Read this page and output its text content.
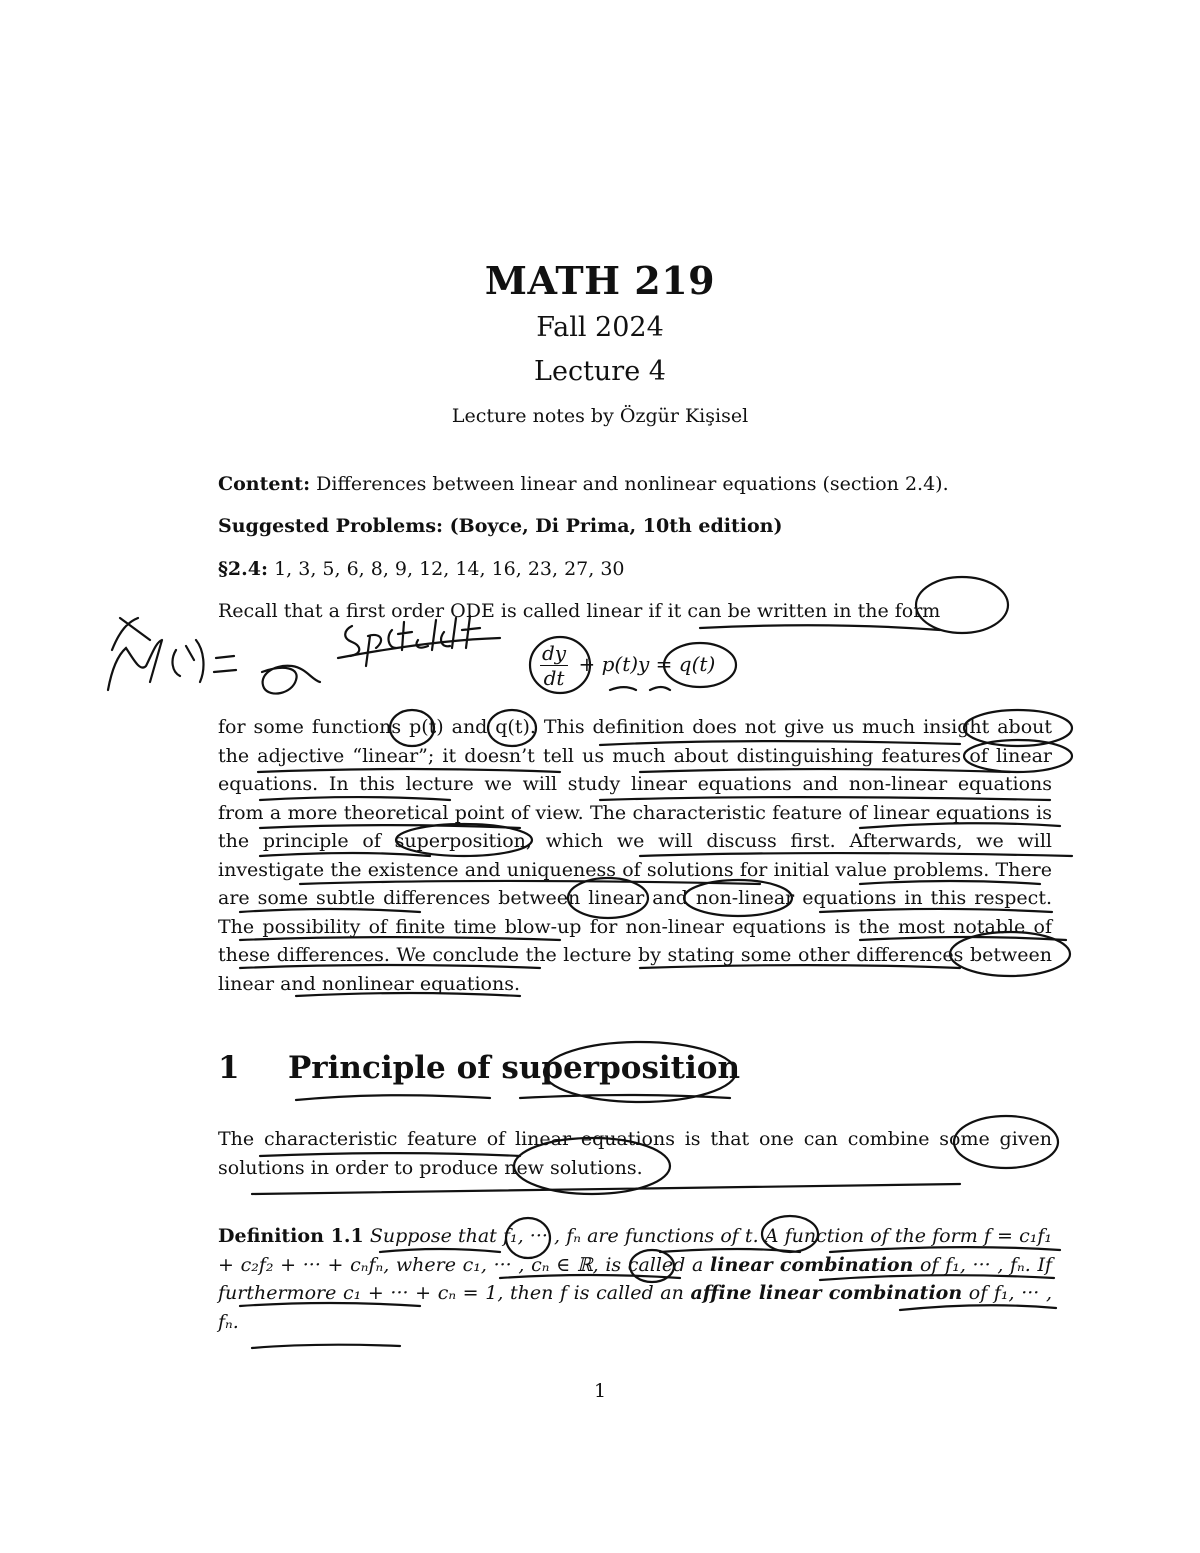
MATH 219
Fall 2024
Lecture 4
Lecture notes by Özgür Kişisel
Content: Differences between linear and nonlinear equations (section 2.4).
Suggested Problems: (Boyce, Di Prima, 10th edition)
§2.4: 1, 3, 5, 6, 8, 9, 12, 14, 16, 23, 27, 30
Recall that a first order ODE is called linear if it can be written in the form
$\frac{dy}{dt} + p(t)y = q(t)$
for some functions p(t) and q(t). This definition does not give us much insight about the adjective “linear”; it doesn’t tell us much about distinguishing features of linear equations. In this lecture we will study linear equations and non-linear equations from a more theoretical point of view. The characteristic feature of linear equations is the principle of superposition, which we will discuss first. Afterwards, we will investigate the existence and uniqueness of solutions for initial value problems. There are some subtle differences between linear and non-linear equations in this respect. The possibility of finite time blow-up for non-linear equations is the most notable of these differences. We conclude the lecture by stating some other differences between linear and nonlinear equations.
1 Principle of superposition
The characteristic feature of linear equations is that one can combine some given solutions in order to produce new solutions.
Definition 1.1 Suppose that f₁, ··· , fₙ are functions of t. A function of the form f = c₁f₁ + c₂f₂ + ··· + cₙfₙ, where c₁, ··· , cₙ ∈ ℝ, is called a linear combination of f₁, ··· , fₙ. If furthermore c₁ + ··· + cₙ = 1, then f is called an affine linear combination of f₁, ··· , fₙ.
1
